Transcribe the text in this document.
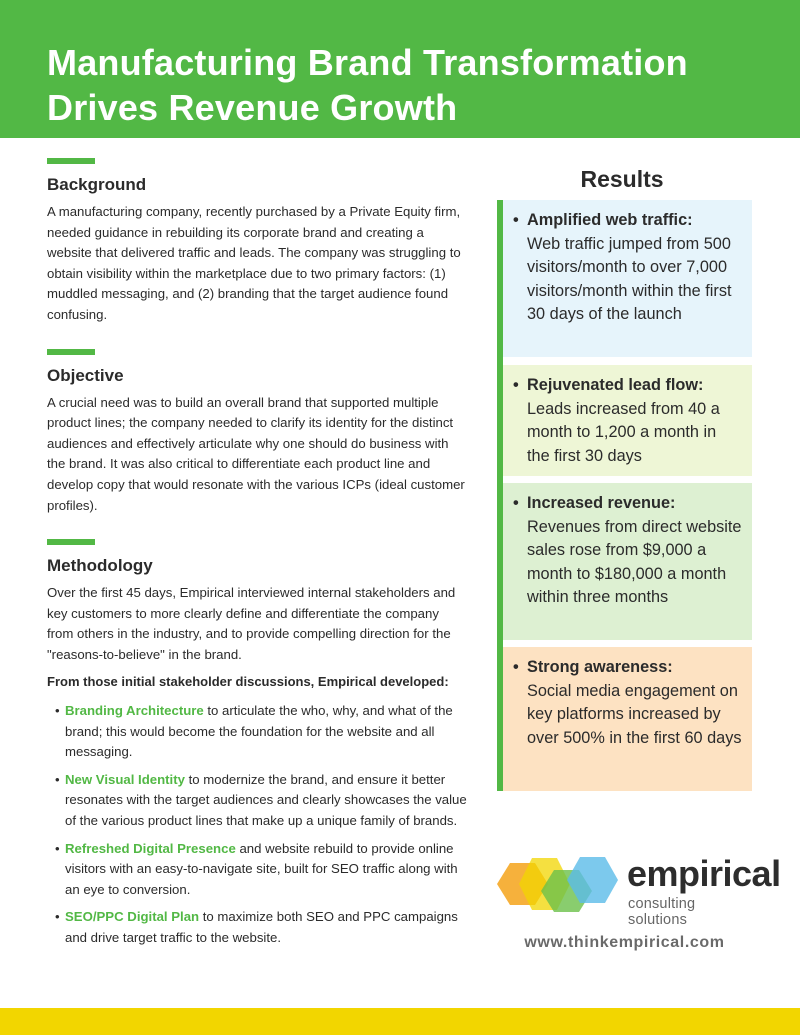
Manufacturing Brand Transformation
Drives Revenue Growth
Background

A manufacturing company, recently purchased by a Private Equity firm, needed guidance in rebuilding its corporate brand and creating a website that delivered traffic and leads. The company was struggling to obtain visibility within the marketplace due to two primary factors: (1) muddled messaging, and (2) branding that the target audience found confusing.

Objective

A crucial need was to build an overall brand that supported multiple product lines; the company needed to clarify its identity for the distinct audiences and effectively articulate why one should do business with the brand. It was also critical to differentiate each product line and develop copy that would resonate with the various ICPs (ideal customer profiles).

Methodology

Over the first 45 days, Empirical interviewed internal stakeholders and key customers to more clearly define and differentiate the company from others in the industry, and to provide compelling direction for the "reasons-to-believe" in the brand.

From those initial stakeholder discussions, Empirical developed:

• Branding Architecture to articulate the who, why, and what of the brand; this would become the foundation for the website and all messaging.
• New Visual Identity to modernize the brand, and ensure it better resonates with the target audiences and clearly showcases the value of the various product lines that make up a unique family of brands.
• Refreshed Digital Presence and website rebuild to provide online visitors with an easy-to-navigate site, built for SEO traffic along with an eye to conversion.
• SEO/PPC Digital Plan to maximize both SEO and PPC campaigns and drive target traffic to the website.
Results
• Amplified web traffic:
Web traffic jumped from 500 visitors/month to over 7,000 visitors/month within the first 30 days of the launch
• Rejuvenated lead flow:
Leads increased from 40 a month to 1,200 a month in the first 30 days
• Increased revenue:
Revenues from direct website sales rose from $9,000 a month to $180,000 a month within three months
• Strong awareness:
Social media engagement on key platforms increased by over 500% in the first 60 days
empirical
consulting solutions
www.thinkempirical.com
